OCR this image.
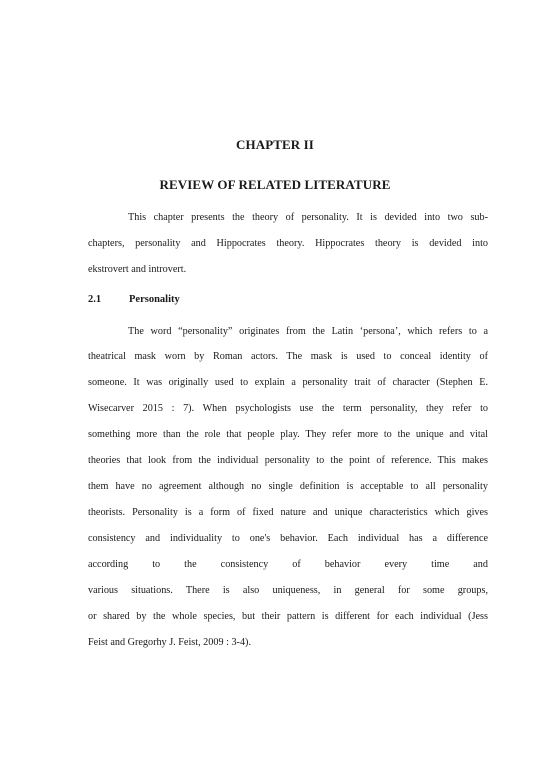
CHAPTER II
REVIEW OF RELATED LITERATURE
This chapter presents the theory of personality. It is devided into two sub-
chapters, personality and Hippocrates theory. Hippocrates theory is devided into
ekstrovert and introvert.
2.1	Personality
The word “personality” originates from the Latin ‘persona’, which refers to a
theatrical mask worn by Roman actors. The mask is used to conceal identity of
someone. It was originally used to explain a personality trait of character (Stephen E.
Wisecarver 2015 : 7). When psychologists use the term personality, they refer to
something more than the role that people play. They refer more to the unique and vital
theories that look from the individual personality to the point of reference. This makes
them have no agreement although no single definition is acceptable to all personality
theorists. Personality is a form of fixed nature and unique characteristics which gives
consistency and individuality to one's behavior. Each individual has a difference
according to the consistency of behavior every time and
various situations. There is also uniqueness, in general for some groups,
or shared by the whole species, but their pattern is different for each individual (Jess
Feist and Gregorhy J. Feist, 2009 : 3-4).
